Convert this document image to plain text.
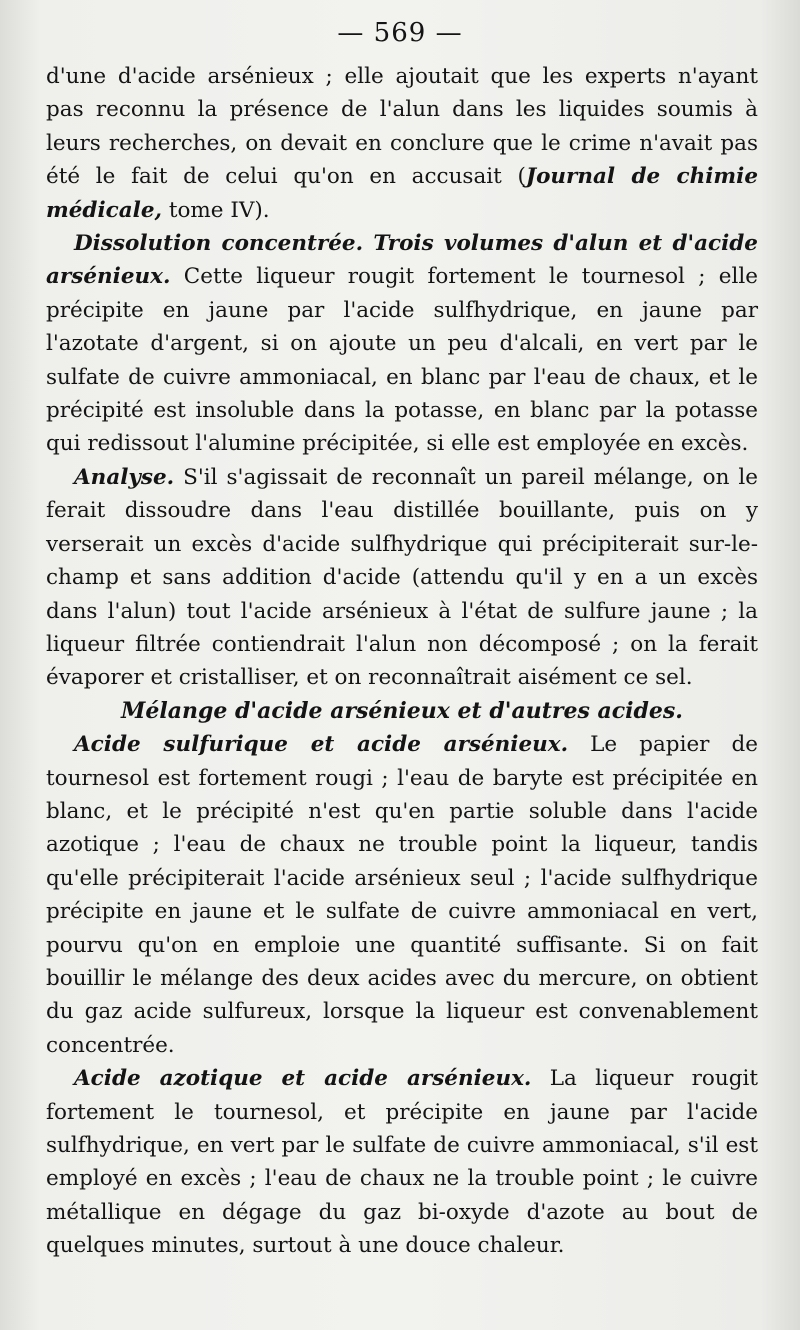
— 569 —

d'une d'acide arsénieux ; elle ajoutait que les experts n'ayant pas reconnu la présence de l'alun dans les liquides soumis à leurs recherches, on devait en conclure que le crime n'avait pas été le fait de celui qu'on en accusait (Journal de chimie médicale, tome IV).

Dissolution concentrée. Trois volumes d'alun et d'acide arsénieux. Cette liqueur rougit fortement le tournesol ; elle précipite en jaune par l'acide sulfhydrique, en jaune par l'azotate d'argent, si on ajoute un peu d'alcali, en vert par le sulfate de cuivre ammoniacal, en blanc par l'eau de chaux, et le précipité est insoluble dans la potasse, en blanc par la potasse qui redissout l'alumine précipitée, si elle est employée en excès.

Analyse. S'il s'agissait de reconnaît un pareil mélange, on le ferait dissoudre dans l'eau distillée bouillante, puis on y verserait un excès d'acide sulfhydrique qui précipiterait sur-le-champ et sans addition d'acide (attendu qu'il y en a un excès dans l'alun) tout l'acide arsénieux à l'état de sulfure jaune ; la liqueur filtrée contiendrait l'alun non décomposé ; on la ferait évaporer et cristalliser, et on reconnaîtrait aisément ce sel.

Mélange d'acide arsénieux et d'autres acides.

Acide sulfurique et acide arsénieux. Le papier de tournesol est fortement rougi ; l'eau de baryte est précipitée en blanc, et le précipité n'est qu'en partie soluble dans l'acide azotique ; l'eau de chaux ne trouble point la liqueur, tandis qu'elle précipiterait l'acide arsénieux seul ; l'acide sulfhydrique précipite en jaune et le sulfate de cuivre ammoniacal en vert, pourvu qu'on en emploie une quantité suffisante. Si on fait bouillir le mélange des deux acides avec du mercure, on obtient du gaz acide sulfureux, lorsque la liqueur est convenablement concentrée.

Acide azotique et acide arsénieux. La liqueur rougit fortement le tournesol, et précipite en jaune par l'acide sulfhydrique, en vert par le sulfate de cuivre ammoniacal, s'il est employé en excès ; l'eau de chaux ne la trouble point ; le cuivre métallique en dégage du gaz bi-oxyde d'azote au bout de quelques minutes, surtout à une douce chaleur.
